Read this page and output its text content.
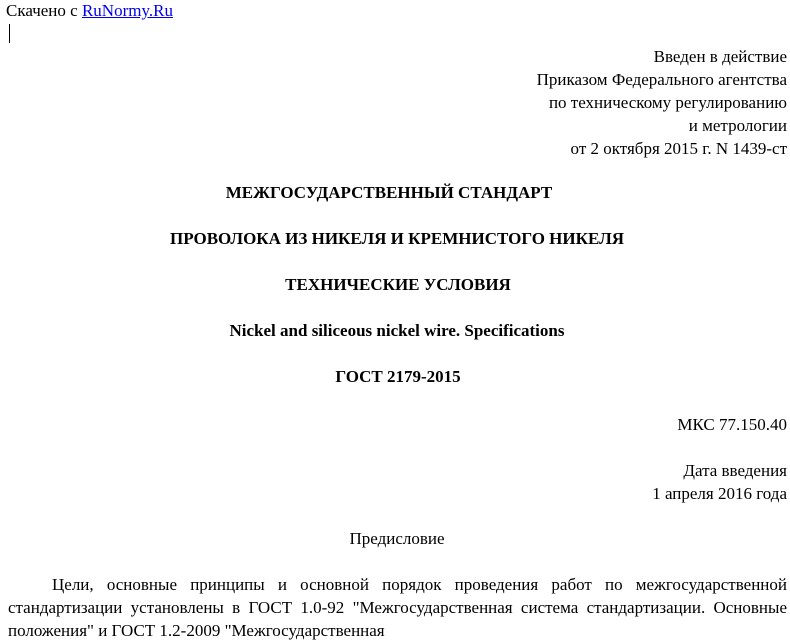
Скачено с RuNormy.Ru
Введен в действие
Приказом Федерального агентства
по техническому регулированию
и метрологии
от 2 октября 2015 г. N 1439-ст
МЕЖГОСУДАРСТВЕННЫЙ СТАНДАРТ
ПРОВОЛОКА ИЗ НИКЕЛЯ И КРЕМНИСТОГО НИКЕЛЯ
ТЕХНИЧЕСКИЕ УСЛОВИЯ
Nickel and siliceous nickel wire. Specifications
ГОСТ 2179-2015
МКС 77.150.40
Дата введения
1 апреля 2016 года
Предисловие
Цели, основные принципы и основной порядок проведения работ по межгосударственной стандартизации установлены в ГОСТ 1.0-92 "Межгосударственная система стандартизации. Основные положения" и ГОСТ 1.2-2009 "Межгосударственная
